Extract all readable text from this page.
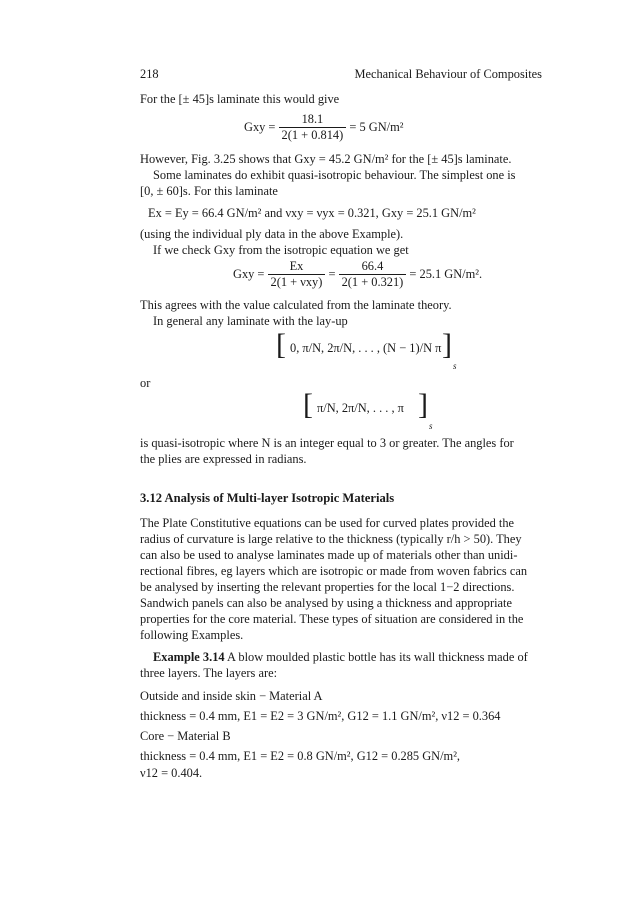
218	Mechanical Behaviour of Composites
For the [± 45]s laminate this would give
Gxy = $\frac{18.1}{2(1 + 0.814)} = 5$ GN/m²
However, Fig. 3.25 shows that Gxy = 45.2 GN/m² for the [± 45]s laminate.
Some laminates do exhibit quasi-isotropic behaviour. The simplest one is
[0, ± 60]s. For this laminate
Ex = Ey = 66.4 GN/m² and νxy = νyx = 0.321, Gxy = 25.1 GN/m²
(using the individual ply data in the above Example).
If we check Gxy from the isotropic equation we get
Gxy = $\frac{Ex}{\text{2(1 + νxy)}} = \frac{66.4}{2(1 + 0.321)} = 25.1$ GN/m².
This agrees with the value calculated from the laminate theory.
In general any laminate with the lay-up
[ 0, π/N, 2π/N, . . . , (N − 1)/N π ]
s
or
[ π/N, 2π/N, . . . , π ]
s
is quasi-isotropic where N is an integer equal to 3 or greater. The angles for
the plies are expressed in radians.
3.12 Analysis of Multi-layer Isotropic Materials
The Plate Constitutive equations can be used for curved plates provided the
radius of curvature is large relative to the thickness (typically r/h > 50). They
can also be used to analyse laminates made up of materials other than unidi-
rectional fibres, eg layers which are isotropic or made from woven fabrics can
be analysed by inserting the relevant properties for the local 1−2 directions.
Sandwich panels can also be analysed by using a thickness and appropriate
properties for the core material. These types of situation are considered in the
following Examples.
Example 3.14 A blow moulded plastic bottle has its wall thickness made of
three layers. The layers are:
Outside and inside skin − Material A
thickness = 0.4 mm, E1 = E2 = 3 GN/m², G12 = 1.1 GN/m², ν12 = 0.364
Core − Material B
thickness = 0.4 mm, E1 = E2 = 0.8 GN/m², G12 = 0.285 GN/m²,
ν12 = 0.404.
